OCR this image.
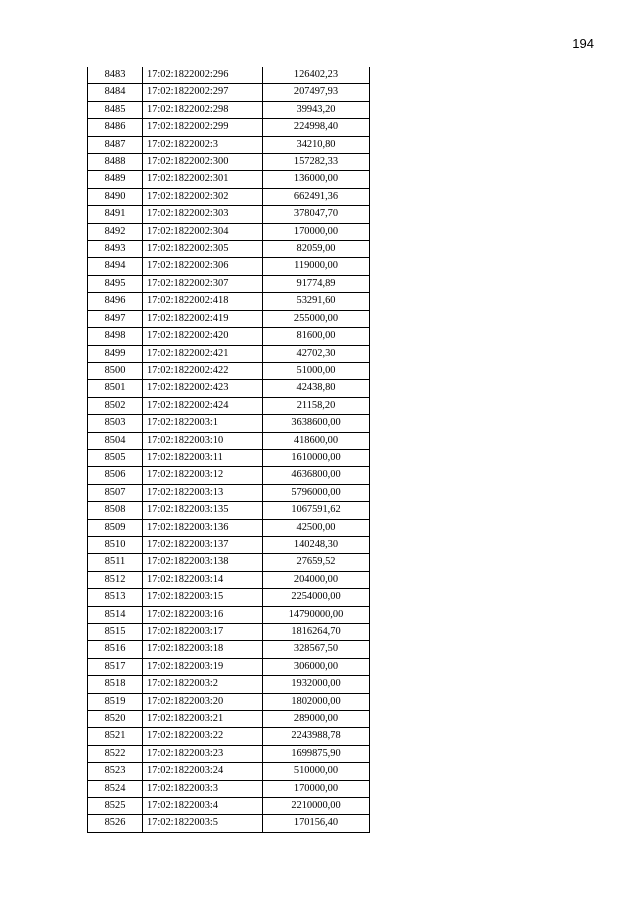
194
8483	17:02:1822002:296	126402,23
8484	17:02:1822002:297	207497,93
8485	17:02:1822002:298	39943,20
8486	17:02:1822002:299	224998,40
8487	17:02:1822002:3	34210,80
8488	17:02:1822002:300	157282,33
8489	17:02:1822002:301	136000,00
8490	17:02:1822002:302	662491,36
8491	17:02:1822002:303	378047,70
8492	17:02:1822002:304	170000,00
8493	17:02:1822002:305	82059,00
8494	17:02:1822002:306	119000,00
8495	17:02:1822002:307	91774,89
8496	17:02:1822002:418	53291,60
8497	17:02:1822002:419	255000,00
8498	17:02:1822002:420	81600,00
8499	17:02:1822002:421	42702,30
8500	17:02:1822002:422	51000,00
8501	17:02:1822002:423	42438,80
8502	17:02:1822002:424	21158,20
8503	17:02:1822003:1	3638600,00
8504	17:02:1822003:10	418600,00
8505	17:02:1822003:11	1610000,00
8506	17:02:1822003:12	4636800,00
8507	17:02:1822003:13	5796000,00
8508	17:02:1822003:135	1067591,62
8509	17:02:1822003:136	42500,00
8510	17:02:1822003:137	140248,30
8511	17:02:1822003:138	27659,52
8512	17:02:1822003:14	204000,00
8513	17:02:1822003:15	2254000,00
8514	17:02:1822003:16	14790000,00
8515	17:02:1822003:17	1816264,70
8516	17:02:1822003:18	328567,50
8517	17:02:1822003:19	306000,00
8518	17:02:1822003:2	1932000,00
8519	17:02:1822003:20	1802000,00
8520	17:02:1822003:21	289000,00
8521	17:02:1822003:22	2243988,78
8522	17:02:1822003:23	1699875,90
8523	17:02:1822003:24	510000,00
8524	17:02:1822003:3	170000,00
8525	17:02:1822003:4	2210000,00
8526	17:02:1822003:5	170156,40
